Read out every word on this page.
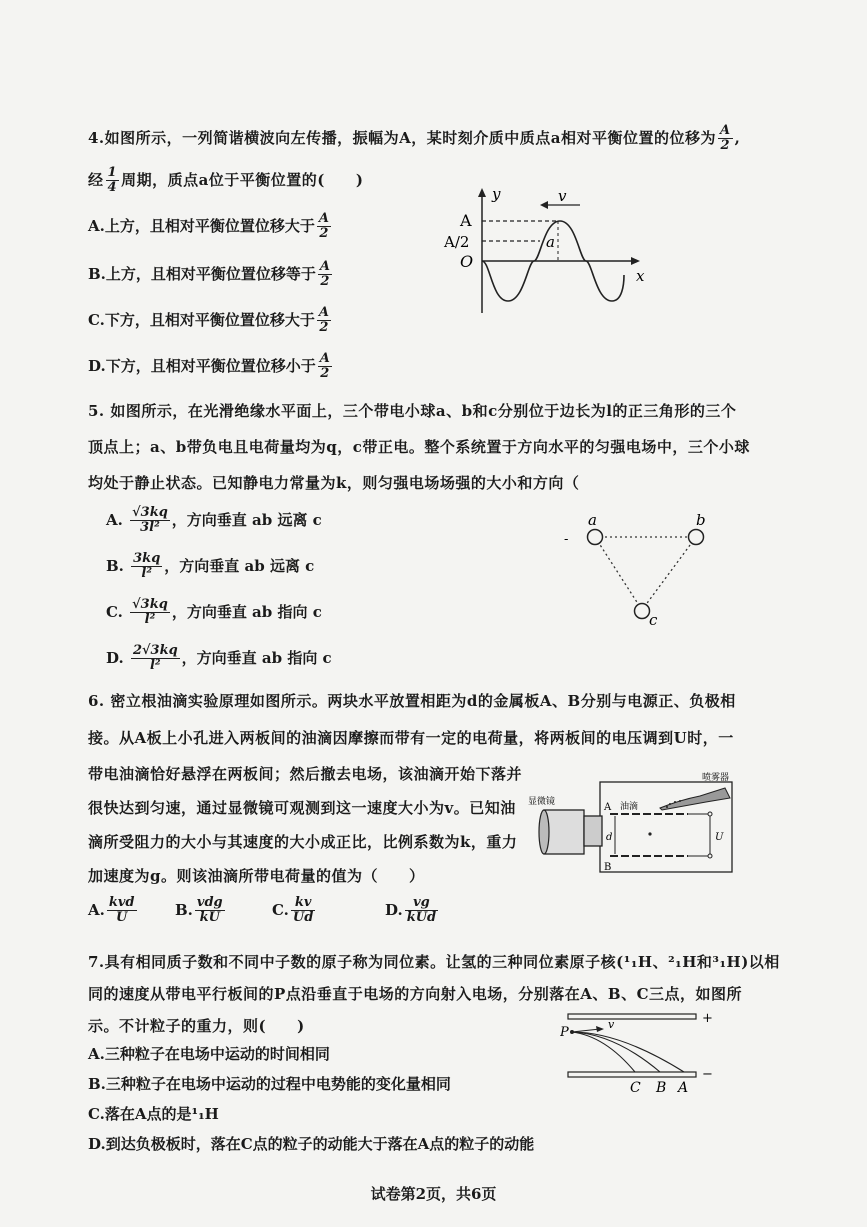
4.如图所示，一列简谐横波向左传播，振幅为A，某时刻介质中质点a相对平衡位置的位移为 $\frac{A}{2}$ ,
经 $\frac{1}{4}$ 周期，质点a位于平衡位置的(　　)
A.上方，且相对平衡位置位移大于 $\frac{A}{2}$
B.上方，且相对平衡位置位移等于 $\frac{A}{2}$
C.下方，且相对平衡位置位移大于 $\frac{A}{2}$
D.下方，且相对平衡位置位移小于 $\frac{A}{2}$
v
y
A
A/2
O
a
x
5. 如图所示，在光滑绝缘水平面上，三个带电小球a、b和c分别位于边长为l的正三角形的三个
顶点上；a、b带负电且电荷量均为q，c带正电。整个系统置于方向水平的匀强电场中，三个小球
均处于静止状态。已知静电力常量为k，则匀强电场场强的大小和方向（
A. $\frac{√3kq}{\text{3l²}}$ ，方向垂直 ab 远离 c
B. $\frac{3kq}{\text{l²}}$ ，方向垂直 ab 远离 c
C. $\frac{√3kq}{\text{l²}}$ ，方向垂直 ab 指向 c
D. $\frac{2√3kq}{\text{l²}}$ ，方向垂直 ab 指向 c
-
a	b
c
6. 密立根油滴实验原理如图所示。两块水平放置相距为d的金属板A、B分别与电源正、负极相
接。从A板上小孔进入两板间的油滴因摩擦而带有一定的电荷量，将两板间的电压调到U时，一
带电油滴恰好悬浮在两板间；然后撤去电场，该油滴开始下落并
很快达到匀速，通过显微镜可观测到这一速度大小为v。已知油
滴所受阻力的大小与其速度的大小成正比，比例系数为k，重力
加速度为g。则该油滴所带电荷量的值为（　　）
A. $\frac{\text{kvd}}{U}$	B. $\frac{\text{vdg}}{kU}$	C. $\frac{kv}{Ud}$	D. $\frac{vg}{\text{kUd}}$
显微镜
喷雾器
油滴
A
B
d	U
7.具有相同质子数和不同中子数的原子称为同位素。让氢的三种同位素原子核(¹₁H、²₁H和³₁H)以相
同的速度从带电平行板间的P点沿垂直于电场的方向射入电场，分别落在A、B、C三点，如图所
示。不计粒子的重力，则(　　)
A.三种粒子在电场中运动的时间相同
B.三种粒子在电场中运动的过程中电势能的变化量相同
C.落在A点的是¹₁H
D.到达负极板时，落在C点的粒子的动能大于落在A点的粒子的动能
P
v	+
−
C B A
试卷第2页，共6页
